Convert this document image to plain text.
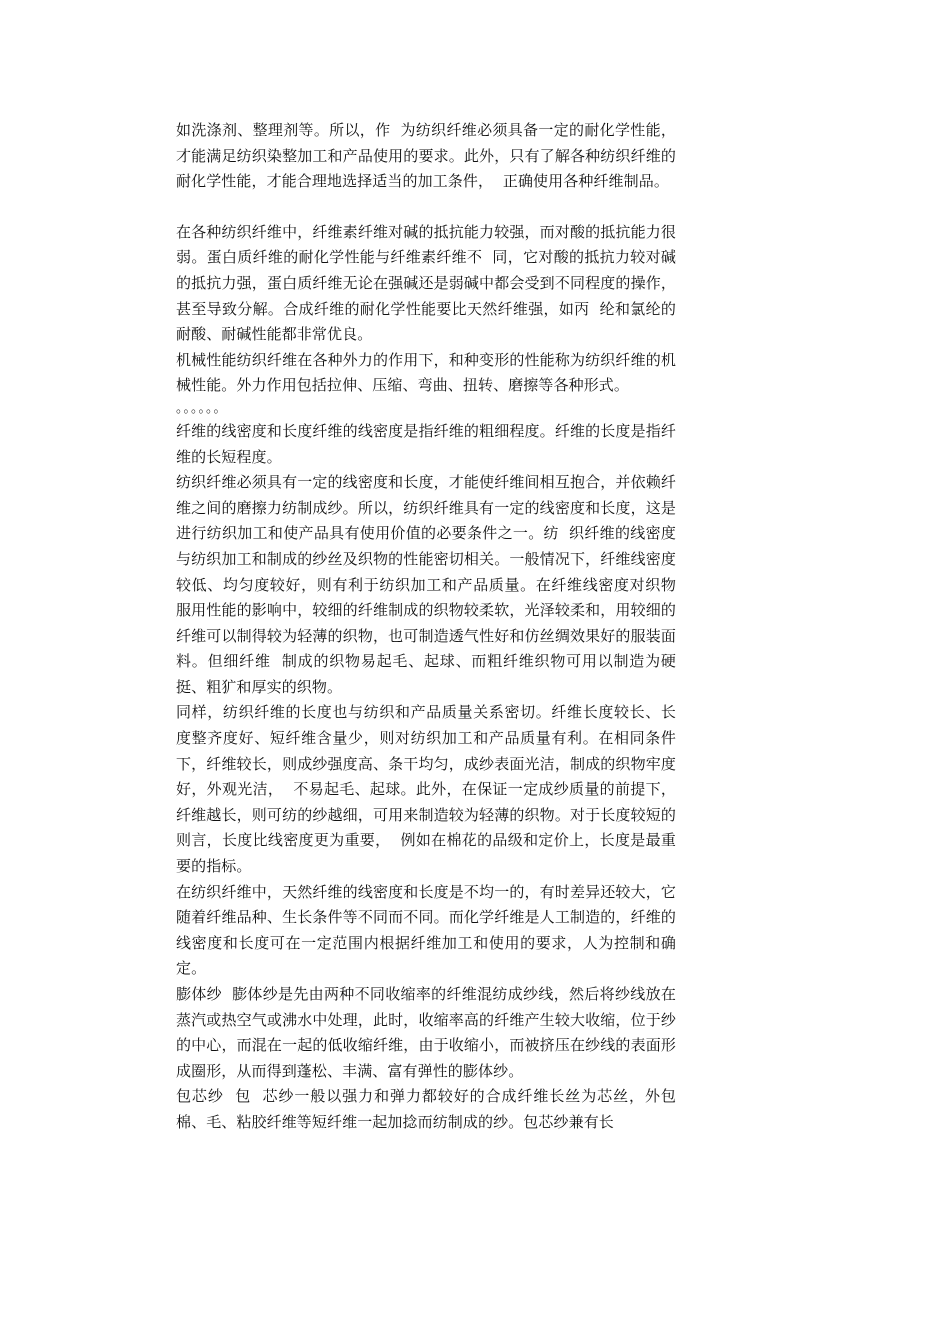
如洗涤剂、整理剂等。所以，作  为纺织纤维必须具备一定的耐化学性能，才能满足纺织染整加工和产品使用的要求。此外，只有了解各种纺织纤维的耐化学性能，才能合理地选择适当的加工条件，  正确使用各种纤维制品。

在各种纺织纤维中，纤维素纤维对碱的抵抗能力较强，而对酸的抵抗能力很弱。蛋白质纤维的耐化学性能与纤维素纤维不  同，它对酸的抵抗力较对碱的抵抗力强，蛋白质纤维无论在强碱还是弱碱中都会受到不同程度的操作，甚至导致分解。合成纤维的耐化学性能要比天然纤维强，如丙  纶和氯纶的耐酸、耐碱性能都非常优良。

机械性能纺织纤维在各种外力的作用下，和种变形的性能称为纺织纤维的机械性能。外力作用包括拉伸、压缩、弯曲、扭转、磨擦等各种形式。

。。。。。。

纤维的线密度和长度纤维的线密度是指纤维的粗细程度。纤维的长度是指纤维的长短程度。

纺织纤维必须具有一定的线密度和长度，才能使纤维间相互抱合，并依赖纤维之间的磨擦力纺制成纱。所以，纺织纤维具有一定的线密度和长度，这是进行纺织加工和使产品具有使用价值的必要条件之一。纺  织纤维的线密度与纺织加工和制成的纱丝及织物的性能密切相关。一般情况下，纤维线密度较低、均匀度较好，则有利于纺织加工和产品质量。在纤维线密度对织物  服用性能的影响中，较细的纤维制成的织物较柔软，光泽较柔和，用较细的纤维可以制得较为轻薄的织物，也可制造透气性好和仿丝绸效果好的服装面料。但细纤维  制成的织物易起毛、起球、而粗纤维织物可用以制造为硬挺、粗犷和厚实的织物。

同样，纺织纤维的长度也与纺织和产品质量关系密切。纤维长度较长、长  度整齐度好、短纤维含量少，则对纺织加工和产品质量有利。在相同条件下，纤维较长，则成纱强度高、条干均匀，成纱表面光洁，制成的织物牢度好，外观光洁，  不易起毛、起球。此外，在保证一定成纱质量的前提下，纤维越长，则可纺的纱越细，可用来制造较为轻薄的织物。对于长度较短的则言，长度比线密度更为重要，  例如在棉花的品级和定价上，长度是最重要的指标。

在纺织纤维中，天然纤维的线密度和长度是不均一的，有时差异还较大，它随着纤维品种、生长条件等不同而不同。而化学纤维是人工制造的，纤维的线密度和长度可在一定范围内根据纤维加工和使用的要求，人为控制和确定。

膨体纱  膨体纱是先由两种不同收缩率的纤维混纺成纱线，然后将纱线放在蒸汽或热空气或沸水中处理，此时，收缩率高的纤维产生较大收缩，位于纱的中心，而混在一起的低收缩纤维，由于收缩小，而被挤压在纱线的表面形成圈形，从而得到蓬松、丰满、富有弹性的膨体纱。

包芯纱  包  芯纱一般以强力和弹力都较好的合成纤维长丝为芯丝，外包棉、毛、粘胶纤维等短纤维一起加捻而纺制成的纱。包芯纱兼有长
